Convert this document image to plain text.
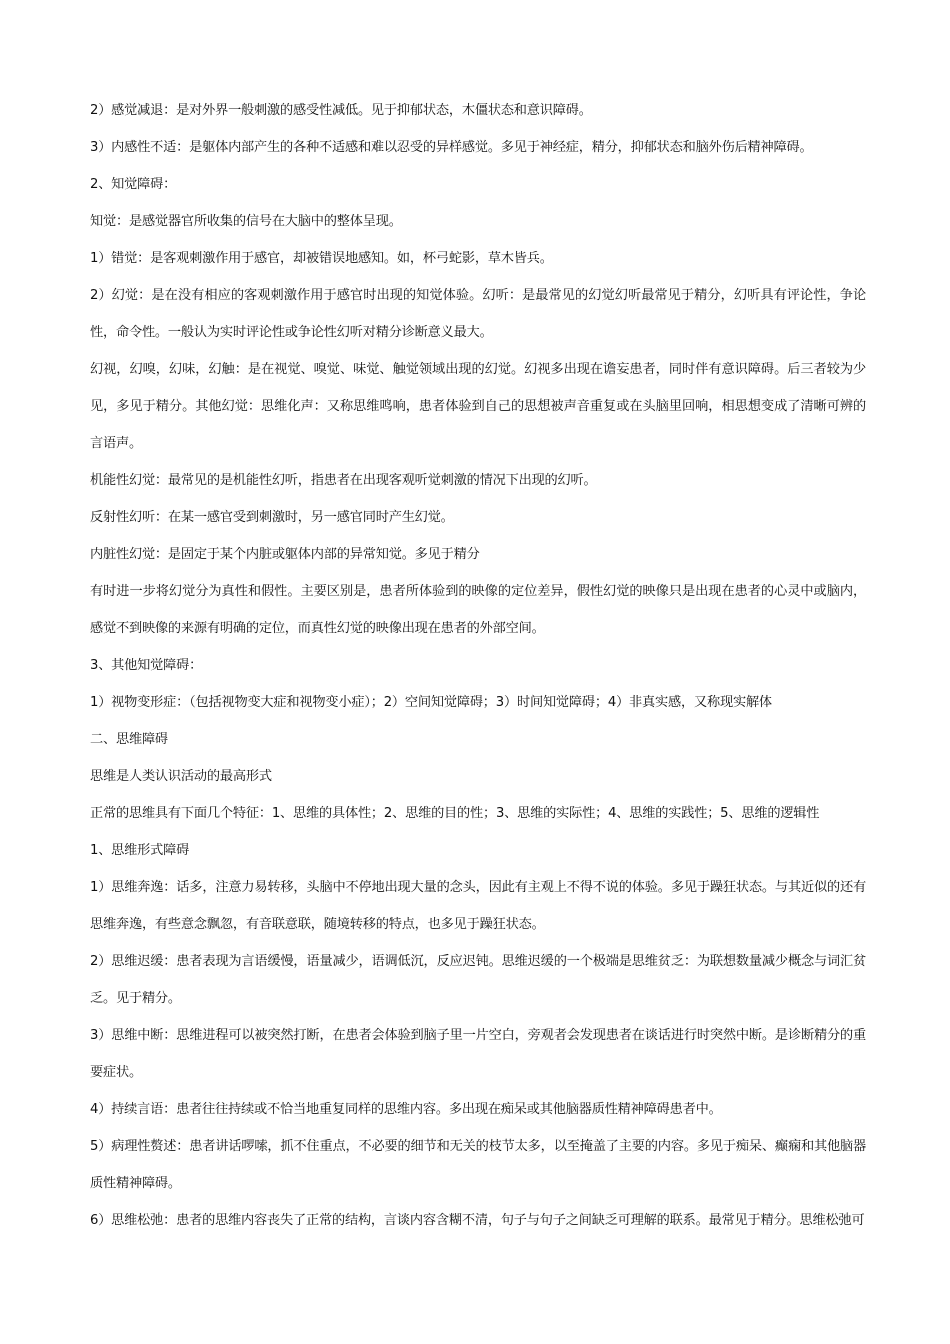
2）感觉减退：是对外界一般刺激的感受性减低。见于抑郁状态，木僵状态和意识障碍。

3）内感性不适：是躯体内部产生的各种不适感和难以忍受的异样感觉。多见于神经症，精分，抑郁状态和脑外伤后精神障碍。

2、知觉障碍：

知觉：是感觉器官所收集的信号在大脑中的整体呈现。

1）错觉：是客观刺激作用于感官，却被错误地感知。如，杯弓蛇影，草木皆兵。

2）幻觉：是在没有相应的客观刺激作用于感官时出现的知觉体验。幻听：是最常见的幻觉幻听最常见于精分，幻听具有评论性，争论性，命令性。一般认为实时评论性或争论性幻听对精分诊断意义最大。

幻视，幻嗅，幻味，幻触：是在视觉、嗅觉、味觉、触觉领域出现的幻觉。幻视多出现在谵妄患者，同时伴有意识障碍。后三者较为少见，多见于精分。其他幻觉：思维化声：又称思维鸣响，患者体验到自己的思想被声音重复或在头脑里回响，相思想变成了清晰可辨的言语声。

机能性幻觉：最常见的是机能性幻听，指患者在出现客观听觉刺激的情况下出现的幻听。

反射性幻听：在某一感官受到刺激时，另一感官同时产生幻觉。

内脏性幻觉：是固定于某个内脏或躯体内部的异常知觉。多见于精分

有时进一步将幻觉分为真性和假性。主要区别是，患者所体验到的映像的定位差异，假性幻觉的映像只是出现在患者的心灵中或脑内，感觉不到映像的来源有明确的定位，而真性幻觉的映像出现在患者的外部空间。

3、其他知觉障碍：

1）视物变形症：（包括视物变大症和视物变小症）；2）空间知觉障碍；3）时间知觉障碍；4）非真实感，又称现实解体

二、思维障碍

思维是人类认识活动的最高形式

正常的思维具有下面几个特征：1、思维的具体性；2、思维的目的性；3、思维的实际性；4、思维的实践性；5、思维的逻辑性

1、思维形式障碍

1）思维奔逸：话多，注意力易转移，头脑中不停地出现大量的念头，因此有主观上不得不说的体验。多见于躁狂状态。与其近似的还有思维奔逸，有些意念飘忽，有音联意联，随境转移的特点，也多见于躁狂状态。

2）思维迟缓：患者表现为言语缓慢，语量减少，语调低沉，反应迟钝。思维迟缓的一个极端是思维贫乏：为联想数量减少概念与词汇贫乏。见于精分。

3）思维中断：思维进程可以被突然打断，在患者会体验到脑子里一片空白，旁观者会发现患者在谈话进行时突然中断。是诊断精分的重要症状。

4）持续言语：患者往往持续或不恰当地重复同样的思维内容。多出现在痴呆或其他脑器质性精神障碍患者中。

5）病理性赘述：患者讲话啰嗦，抓不住重点，不必要的细节和无关的枝节太多，以至掩盖了主要的内容。多见于痴呆、癫痫和其他脑器质性精神障碍。

6）思维松弛：患者的思维内容丧失了正常的结构，言谈内容含糊不清，句子与句子之间缺乏可理解的联系。最常见于精分。思维松弛可
